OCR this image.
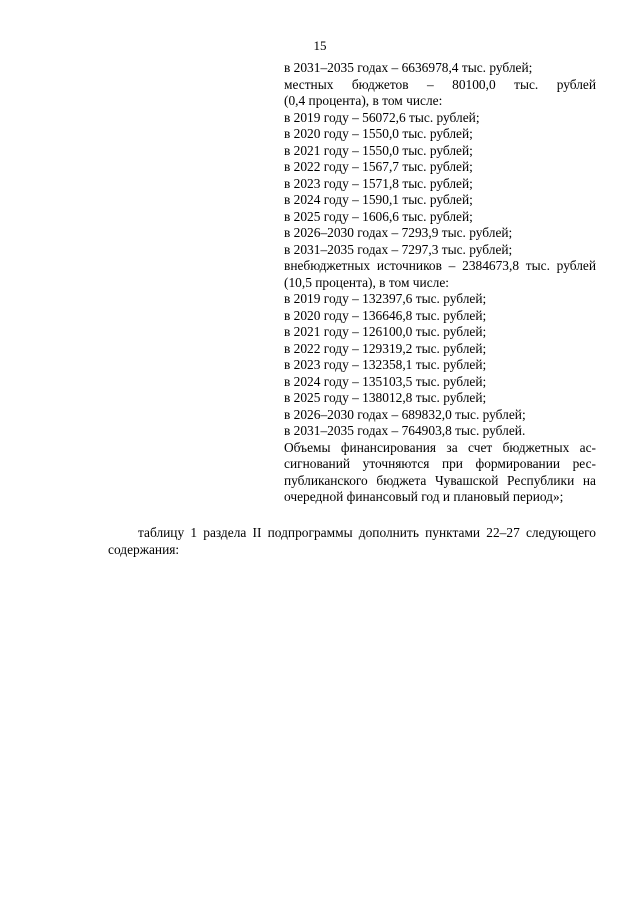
15
в 2031–2035 годах – 6636978,4 тыс. рублей;
местных бюджетов – 80100,0 тыс. рублей
(0,4 процента), в том числе:
в 2019 году – 56072,6 тыс. рублей;
в 2020 году – 1550,0 тыс. рублей;
в 2021 году – 1550,0 тыс. рублей;
в 2022 году – 1567,7 тыс. рублей;
в 2023 году – 1571,8 тыс. рублей;
в 2024 году – 1590,1 тыс. рублей;
в 2025 году – 1606,6 тыс. рублей;
в 2026–2030 годах – 7293,9 тыс. рублей;
в 2031–2035 годах – 7297,3 тыс. рублей;
внебюджетных источников – 2384673,8 тыс. рублей
(10,5 процента), в том числе:
в 2019 году – 132397,6 тыс. рублей;
в 2020 году – 136646,8 тыс. рублей;
в 2021 году – 126100,0 тыс. рублей;
в 2022 году – 129319,2 тыс. рублей;
в 2023 году – 132358,1 тыс. рублей;
в 2024 году – 135103,5 тыс. рублей;
в 2025 году – 138012,8 тыс. рублей;
в 2026–2030 годах – 689832,0 тыс. рублей;
в 2031–2035 годах – 764903,8 тыс. рублей.
Объемы финансирования за счет бюджетных ас-
сигнований уточняются при формировании рес-
публиканского бюджета Чувашской Республики на
очередной финансовый год и плановый период»;
таблицу 1 раздела II подпрограммы дополнить пунктами 22–27 следующего
содержания:
